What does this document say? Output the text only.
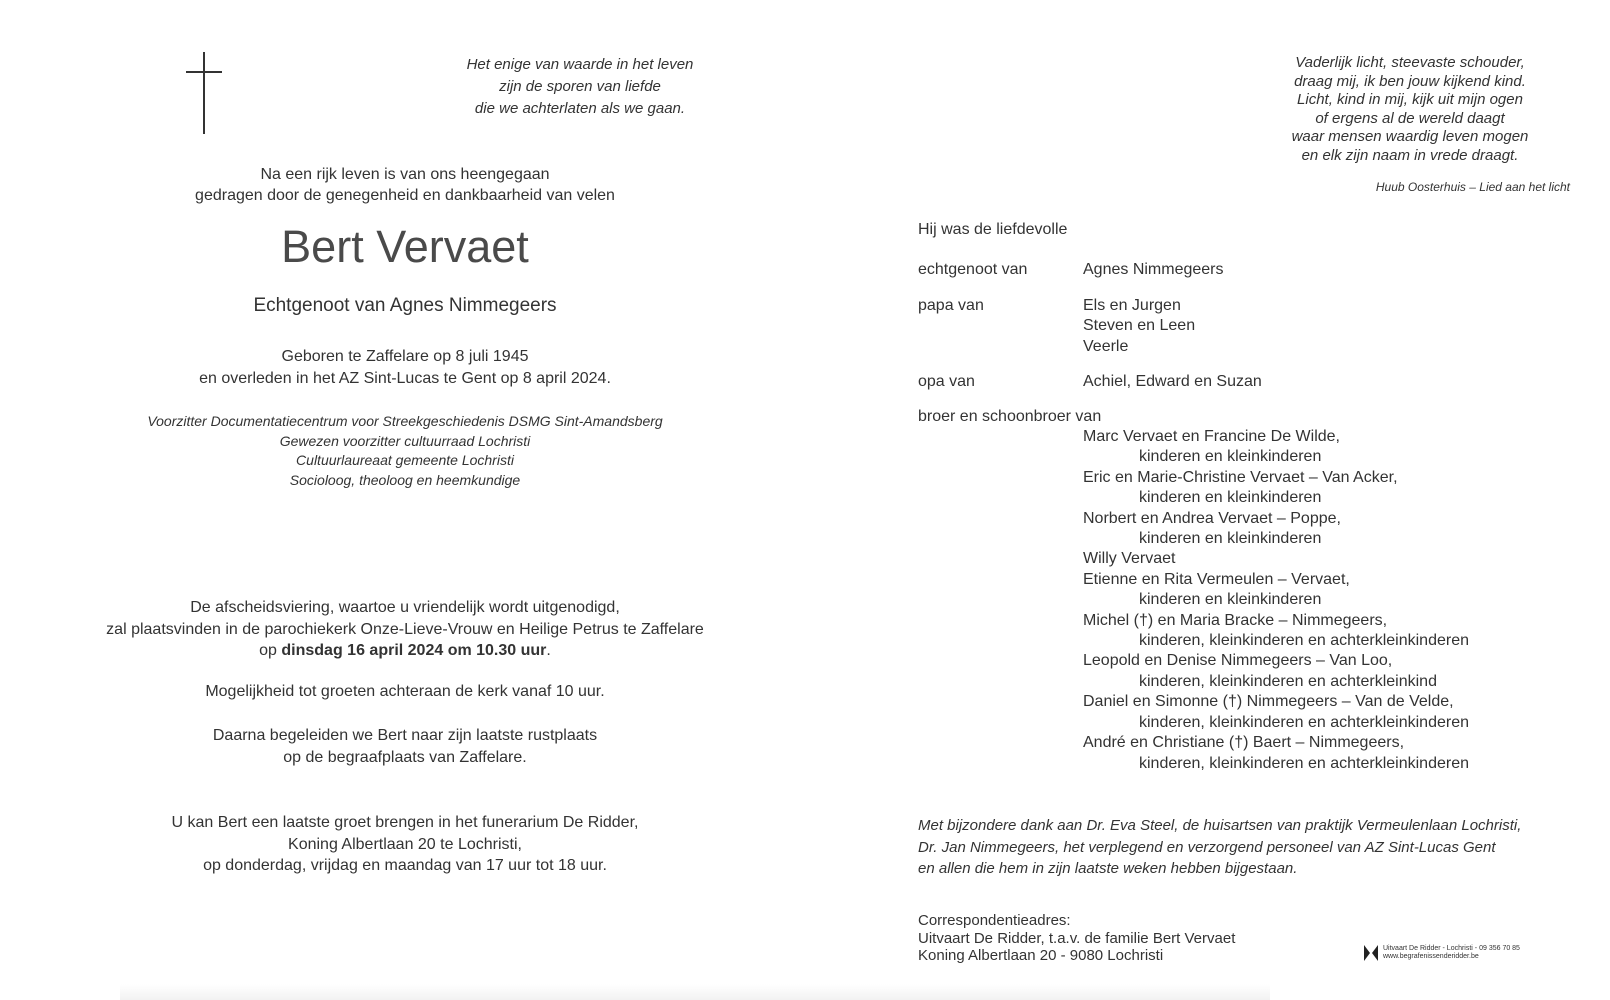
Het enige van waarde in het leven
zijn de sporen van liefde
die we achterlaten als we gaan.
Na een rijk leven is van ons heengegaan
gedragen door de genegenheid en dankbaarheid van velen
Bert Vervaet
Echtgenoot van Agnes Nimmegeers
Geboren te Zaffelare op 8 juli 1945
en overleden in het AZ Sint-Lucas te Gent op 8 april 2024.
Voorzitter Documentatiecentrum voor Streekgeschiedenis DSMG Sint-Amandsberg
Gewezen voorzitter cultuurraad Lochristi
Cultuurlaureaat gemeente Lochristi
Socioloog, theoloog en heemkundige
De afscheidsviering, waartoe u vriendelijk wordt uitgenodigd,
zal plaatsvinden in de parochiekerk Onze-Lieve-Vrouw en Heilige Petrus te Zaffelare
op dinsdag 16 april 2024 om 10.30 uur.
Mogelijkheid tot groeten achteraan de kerk vanaf 10 uur.
Daarna begeleiden we Bert naar zijn laatste rustplaats
op de begraafplaats van Zaffelare.
U kan Bert een laatste groet brengen in het funerarium De Ridder,
Koning Albertlaan 20 te Lochristi,
op donderdag, vrijdag en maandag van 17 uur tot 18 uur.
Vaderlijk licht, steevaste schouder,
draag mij, ik ben jouw kijkend kind.
Licht, kind in mij, kijk uit mijn ogen
of ergens al de wereld daagt
waar mensen waardig leven mogen
en elk zijn naam in vrede draagt.
Huub Oosterhuis – Lied aan het licht
Hij was de liefdevolle
echtgenoot van	Agnes Nimmegeers
papa van	Els en Jurgen
Steven en Leen
Veerle
opa van	Achiel, Edward en Suzan
broer en schoonbroer van
Marc Vervaet en Francine De Wilde,
kinderen en kleinkinderen
Eric en Marie-Christine Vervaet – Van Acker,
kinderen en kleinkinderen
Norbert en Andrea Vervaet – Poppe,
kinderen en kleinkinderen
Willy Vervaet
Etienne en Rita Vermeulen – Vervaet,
kinderen en kleinkinderen
Michel (†) en Maria Bracke – Nimmegeers,
kinderen, kleinkinderen en achterkleinkinderen
Leopold en Denise Nimmegeers – Van Loo,
kinderen, kleinkinderen en achterkleinkind
Daniel en Simonne (†) Nimmegeers – Van de Velde,
kinderen, kleinkinderen en achterkleinkinderen
André en Christiane (†) Baert – Nimmegeers,
kinderen, kleinkinderen en achterkleinkinderen
Met bijzondere dank aan Dr. Eva Steel, de huisartsen van praktijk Vermeulenlaan Lochristi,
Dr. Jan Nimmegeers, het verplegend en verzorgend personeel van AZ Sint-Lucas Gent
en allen die hem in zijn laatste weken hebben bijgestaan.
Correspondentieadres:
Uitvaart De Ridder, t.a.v. de familie Bert Vervaet
Koning Albertlaan 20 - 9080 Lochristi	Uitvaart De Ridder - Lochristi - 09 356 70 85
www.begrafenissenderidder.be
